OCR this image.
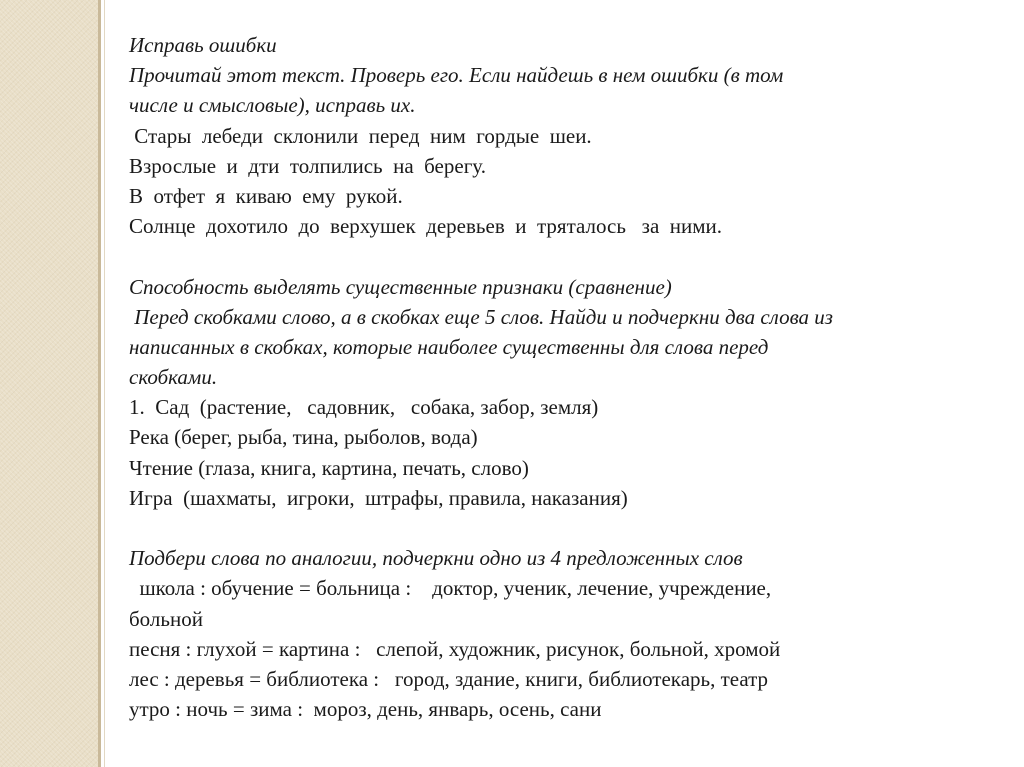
Исправь ошибки
Прочитай этот текст. Проверь его. Если найдешь в нем ошибки (в том
числе и смысловые), исправь их.
Стары  лебеди  склонили  перед  ним  гордые  шеи.
Взрослые  и  дти  толпились  на  берегу.
В  отфет  я  киваю  ему  рукой.
Солнце  дохотило  до  верхушек  деревьев  и  тряталось   за  ними.
Способность выделять существенные признаки (сравнение)
Перед скобками слово, а в скобках еще 5 слов. Найди и подчеркни два слова из
написанных в скобках, которые наиболее существенны для слова перед
скобками.
1.  Сад  (растение,   садовник,   собака, забор, земля)
Река (берег, рыба, тина, рыболов, вода)
Чтение (глаза, книга, картина, печать, слово)
Игра  (шахматы,  игроки,  штрафы, правила, наказания)
Подбери слова по аналогии, подчеркни одно из 4 предложенных слов
школа : обучение = больница :    доктор, ученик, лечение, учреждение,
больной
песня : глухой = картина :   слепой, художник, рисунок, больной, хромой
лес : деревья = библиотека :   город, здание, книги, библиотекарь, театр
утро : ночь = зима :  мороз, день, январь, осень, сани
